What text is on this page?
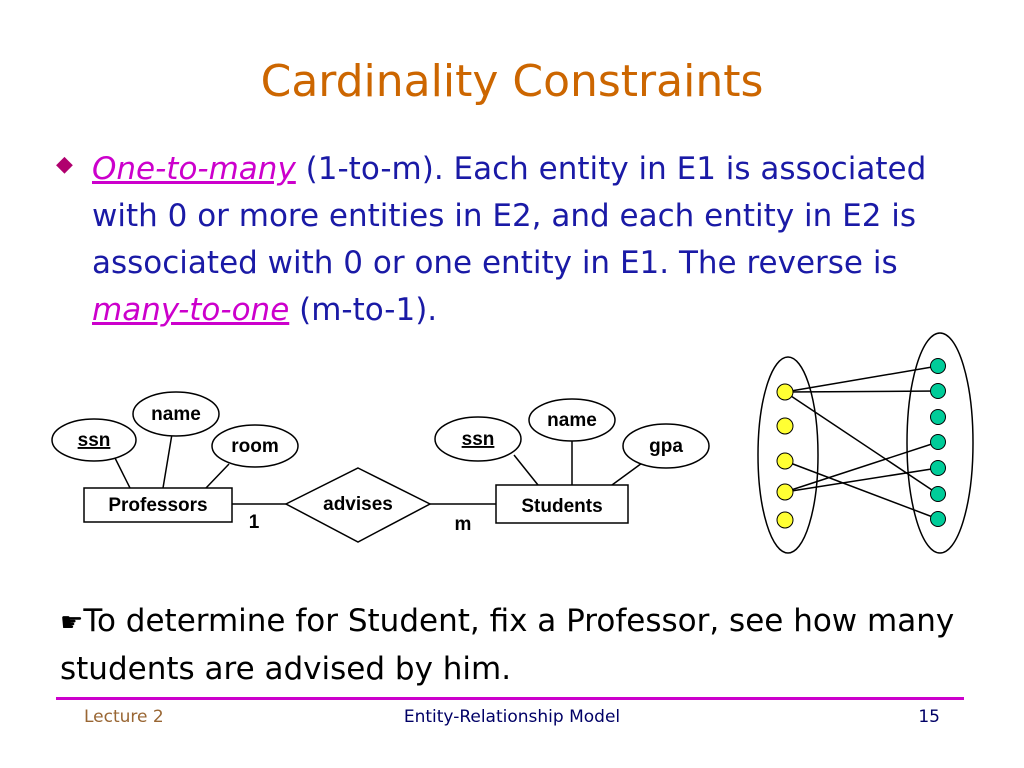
Cardinality Constraints
◆ One-to-many (1-to-m). Each entity in E1 is associated with 0 or more entities in E2, and each entity in E2 is associated with 0 or one entity in E1. The reverse is many-to-one (m-to-1).
ssn
name
room
Professors	advises
1	m
Students
ssn
name
gpa
☛To determine for Student, fix a Professor, see how many students are advised by him.
Lecture 2	Entity-Relationship Model	15
